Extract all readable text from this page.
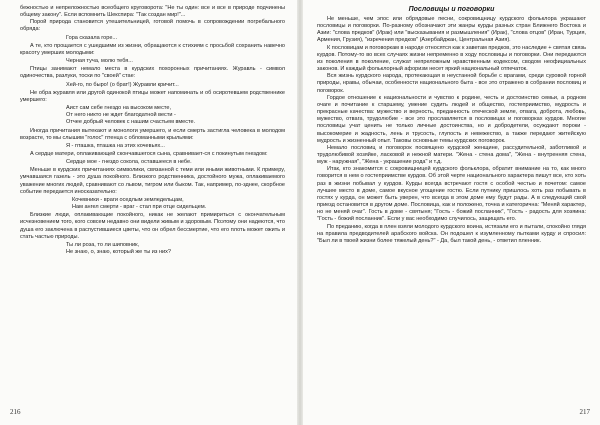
бежностью и непреложностью всеобщего круговорота: "Не ты один: все и все в природе подчинены общему закону". Если вспомнить Шекспира: "Так создан мир!"...

Порой природа становится утешительницей, готовой помочь в сопровождении погребального обряда:

Гора сказала горе...

А те, кто прощается с ушедшими из жизни, обращаются к стихиям с просьбой сохранить навечно красоту умерших молодыми:

Черная туча, молю тебя...

Птицы занимают немало места в курдских похоронных причитаниях. Журавль - символ одиночества, разлуки, тоски по "своей" стае:

Хей-го, по быро! (о брат!) Журавли кричит...

Не обра журавля или другой одинокой птицы может напоминать и об осиротевшем родственнике умершего:

Аист сам себе гнездо на высоком месте,
От него никто не ждет благодатной вести -
Отчее добрый человек с нашим счастьем вместе.

Иногда причитания вытекают и монологи умершего, и если смерть застигла человека в молодом возрасте, то мы слышим "голос" птенца с обломанными крыльями:

Я - пташка, пташка на этих кочевьях...

А сердце матери, оплакивающей скончавшегося сына, сравнивает-ся с покинутым гнездом:

Сердце мое - гнездо сокола, оставшееся в небе.

Меньше в курдских причитаниях символики, связанной с теми или иными животными. К примеру, умчавшаяся газель - это душа покойного. Близкого родственника, достойного мужа, оплакиваемого уважение многих людей, сравнивают со львом, тигром или быком. Так, например, по-зднее, скорбное событие передается иносказательно:

Кочевники - враги оседлым земледельцам,
Нам ангел смерти - враг - стал при отце сидельцем.

Близкие люди, оплакивающие покойного, никак не желают примириться с окончательным исчезновением того, кого совсем недавно они видели живым и здоровым. Поэтому они надеются, что душа его заключена в распустившиеся цветы, что он обрел бессмертие, что его плоть может ожить и стать частью природы.

Ты ли роза, то ли шиповник,
Не знаю, о, знаю, который же ты из них?

Пословицы и поговорки

Не меньше, чем эпос или обрядовые песни, сокровищницу курдского фольклора украшают пословицы и поговорки. По-разному обозначают эти жанры курды разных стран Ближнего Востока и Азии: "слова предков" (Ирак) или "высказывания и размышления" (Ирак), "слова отцов" (Иран, Турция, Армения, Грузия), "изречения предков" (Азербайджан, Центральная Азия).

К пословицам и поговоркам в народе относятся как к заветам предков, это наследие + святая связь курдов. Потому-то во всех случаях жизни непременно в ходу пословицы и поговорки. Они передаются из поколения в поколение, служат непреложным нравственным кодексом, сводом неофициальных законов. И каждый фольклорный афоризм несет яркий национальный отпечаток.

Вся жизнь курдского народа, протекающая в неустанной борьбе с врагами, среди суровой горной природы, нравы, обычаи, особенности национального быта - все это отражено в собрании пословиц и поговорок.

Гордое отношение к национальности и чувство к родине, честь и достоинство семьи, а родном очаге и почитание к старшему, умение судить людей и общество, гостеприимство, мудрость и прекрасные качества: мужество и верность, преданность отеческой земле, отвага, доброта, любовь, мужество, отвага, трудолюбие - все это прославляется в пословицах и поговорках курдов. Многие пословицы учат ценить не только личные достоинства, но и добродетели, осуждают пороки - высокомерие и жадность, лень и трусость, глупость и невежество, а также передают житейскую мудрость и жизненный опыт. Таковы основные темы курдских поговорок.

Немало пословиц и поговорок посвящено курдской женщине, рассудительной, заботливой и трудолюбивой хозяйке, ласковой и нежной матери. "Жена - стена дома", "Жена - внутренняя стена, муж - наружная", "Жена - украшение рода" и т.д.

Итак, кто знакомится с сокровищницей курдского фольклора, обратит внимание на то, как много говорится в нем о гостеприимстве курдов. Об этой черте национального характера пишут все, кто хоть раз в жизни побывал у курдов. Курды всегда встречают гостя с особой честью и почетом: самое лучшее место в доме, самое вкусное угощение гостю. Если путнику пришлось хоть раз побывать в гостях у курда, он может быть уверен, что всегда в этом доме ему будут рады. А в следующий свой приезд остановится в другом доме. Пословица, как и положено, точна и категорична: "Меняй характер, но не меняй очаг". Гость в доме - святыня; "Гость - божий посланник", "Гость - радость для хозяина: "Гость - божий посланник". Если у вас необходимо случилось, защищать его.

По преданию, когда в плен взяли молодого курдского воина, истязали его и пытали, спокойно глядя на правила предводителей арабского войска. Он подошел к изумленному пытками курду и спросил: "Был ли в твоей жизни более тяжелый день?" - Да, был такой день, - ответил пленник.

216	217
